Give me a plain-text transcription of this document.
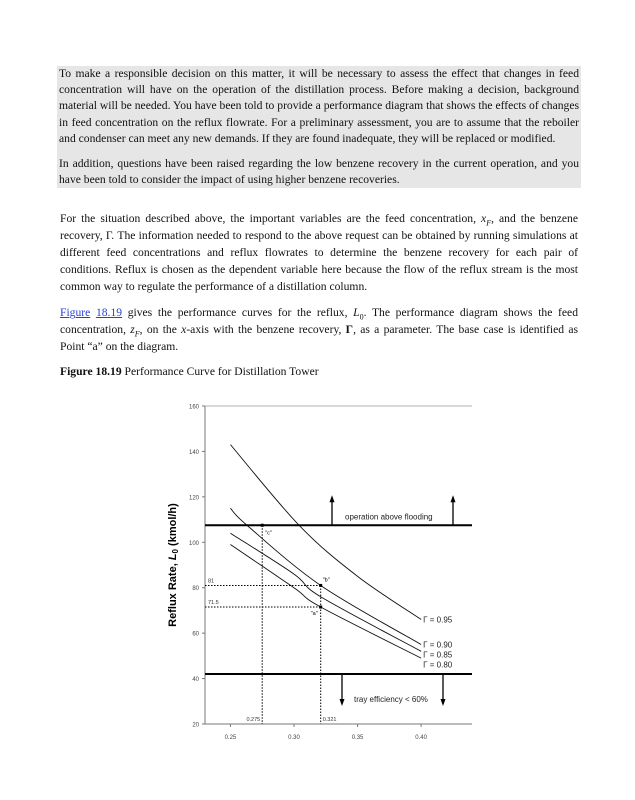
To make a responsible decision on this matter, it will be necessary to assess the effect that changes in feed concentration will have on the operation of the distillation process. Before making a decision, background material will be needed. You have been told to provide a performance diagram that shows the effects of changes in feed concentration on the reflux flowrate. For a preliminary assessment, you are to assume that the reboiler and condenser can meet any new demands. If they are found inadequate, they will be replaced or modified.

In addition, questions have been raised regarding the low benzene recovery in the current operation, and you have been told to consider the impact of using higher benzene recoveries.

For the situation described above, the important variables are the feed concentration, $x_F$, and the benzene recovery, Γ. The information needed to respond to the above request can be obtained by running simulations at different feed concentrations and reflux flowrates to determine the benzene recovery for each pair of conditions. Reflux is chosen as the dependent variable here because the flow of the reflux stream is the most common way to regulate the performance of a distillation column.

Figure 18.19 gives the performance curves for the reflux, $L_0$. The performance diagram shows the feed concentration, $z_F$, on the x-axis with the benzene recovery, Γ, as a parameter. The base case is identified as Point “a” on the diagram.

Figure 18.19 Performance Curve for Distillation Tower
Reflux Rate, L0 (kmol/h)
20
40
60
80
100
120
140
160
0.25	0.30	0.35	0.40
Γ = 0.95
Γ = 0.90
Γ = 0.85
Γ = 0.80
operation above flooding
tray efficiency < 60%
"a"
"b"
"c"
81
71.5
0.275	0.321
